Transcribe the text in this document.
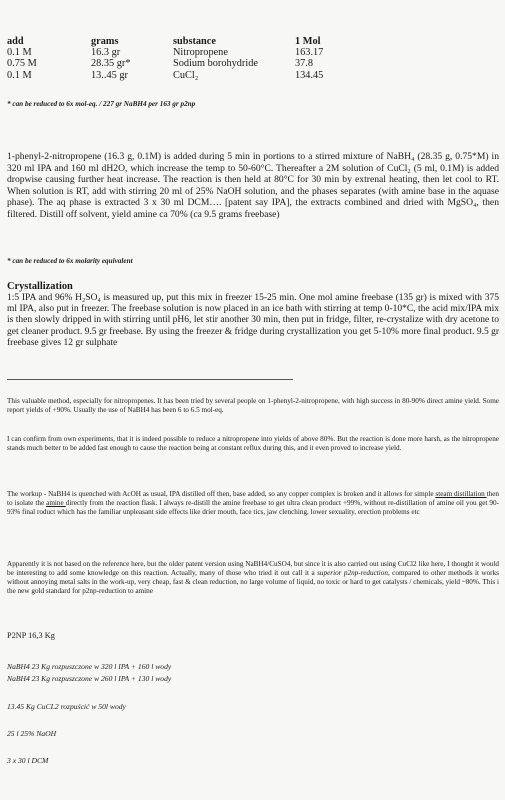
add	grams	substance	1 Mol
0.1 M	16.3 gr	Nitropropene	163.17
0.75 M	28.35 gr*	Sodium borohydride	37.8
0.1 M	13..45 gr	CuCl₂	134.45
* can be reduced to 6x mol-eq. / 227 gr NaBH4 per 163 gr p2np
1-phenyl-2-nitropropene (16.3 g, 0.1M) is added during 5 min in portions to a stirred mixture of NaBH₄ (28.35 g, 0.75*M) in 320 ml IPA and 160 ml dH2O, which increase the temp to 50-60°C. Thereafter a 2M solution of CuCl₂ (5 ml, 0.1M) is added dropwise causing further heat increase. The reaction is then held at 80°C for 30 min by extrenal heating, then let cool to RT. When solution is RT, add with stirring 20 ml of 25% NaOH solution, and the phases separates (with amine base in the aquase phase). The aq phase is extracted 3 x 30 ml DCM…. [patent say IPA], the extracts combined and dried with MgSO₄, then filtered. Distill off solvent, yield amine ca 70% (ca 9.5 grams freebase)
* can be reduced to 6x molarity equivalent
Crystallization
1:5 IPA and 96% H₂SO₄ is measured up, put this mix in freezer 15-25 min. One mol amine freebase (135 gr) is mixed with 375 ml IPA, also put in freezer. The freebase solution is now placed in an ice bath with stirring at temp 0-10*C, the acid mix/IPA mix is then slowly dripped in with stirring until pH6, let stir another 30 min, then put in fridge, filter, re-crystalize with dry acetone to get cleaner product. 9.5 gr freebase. By using the freezer & fridge during crystallization you get 5-10% more final product. 9.5 gr freebase gives 12 gr sulphate
This valuable method, especially for nitropropenes. It has been tried by several people on 1-phenyl-2-nitropropene, with high success in 80-90% direct amine yield. Some report yields of +90%. Usually the use of NaBH4 has been 6 to 6.5 mol-eq.
I can confirm from own experiments, that it is indeed possible to reduce a nitropropene into yields of above 80%. But the reaction is done more harsh, as the nitropropene stands much better to be added fast enough to cause the reaction being at constant reflux during this, and it even proved to increase yield.
The workup - NaBH4 is quenched with AcOH as usual, IPA distilled off then, base added, so any copper complex is broken and it allows for simple steam distillation then to isolate the amine directly from the reaction flask. I always re-distill the amine freebase to get ultra clean product +99%, without re-distillation of amine oil you get 90-93% final roduct which has the familiar unpleasant side effects like drier mouth, face tics, jaw clenching, lower sexuality, erection problems etc
Apparently it is not based on the reference here, but the older patent version using NaBH4/CuSO4, but since it is also carried out using CuCl2 like here, I thought it would be interesting to add some knowledge on this reaction. Actually, many of those who tried it out call it a superior p2np-reduction, compared to other methods it works without annoying metal salts in the work-up, very cheap, fast & clean reduction, no large volume of liquid, no toxic or hard to get catalysts / chemicals, yield ~80%. This i the new gold standard for p2np-reduction to amine
P2NP 16,3 Kg
NaBH4 23 Kg rozpuszczone w 320 l IPA + 160 l wody
NaBH4 23 Kg rozpuszczone w 260 l IPA + 130 l wody
13.45 Kg CuCL2 rozpuścić w 50l wody
25 l 25% NaOH
3 x 30 l DCM
